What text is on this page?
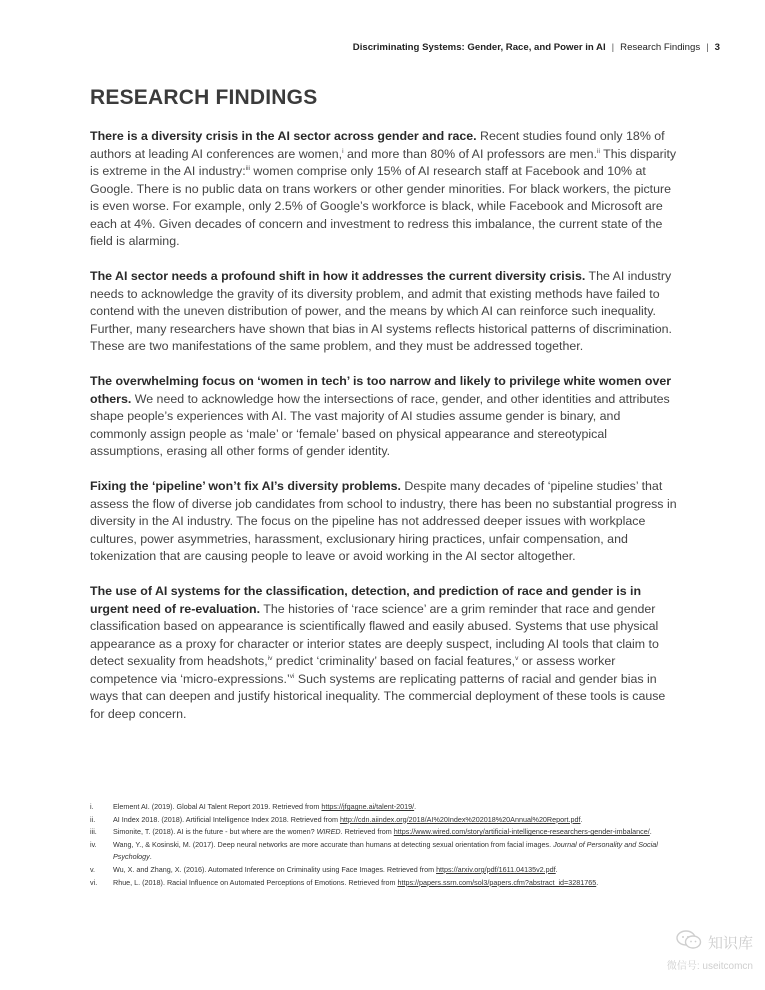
Discriminating Systems: Gender, Race, and Power in AI | Research Findings | 3
RESEARCH FINDINGS

There is a diversity crisis in the AI sector across gender and race. Recent studies found only 18% of authors at leading AI conferences are women,$^i$ and more than 80% of AI professors are men.$^{ii}$ This disparity is extreme in the AI industry:$^{iii}$ women comprise only 15% of AI research staff at Facebook and 10% at Google. There is no public data on trans workers or other gender minorities. For black workers, the picture is even worse. For example, only 2.5% of Google’s workforce is black, while Facebook and Microsoft are each at 4%. Given decades of concern and investment to redress this imbalance, the current state of the field is alarming.

The AI sector needs a profound shift in how it addresses the current diversity crisis. The AI industry needs to acknowledge the gravity of its diversity problem, and admit that existing methods have failed to contend with the uneven distribution of power, and the means by which AI can reinforce such inequality. Further, many researchers have shown that bias in AI systems reflects historical patterns of discrimination. These are two manifestations of the same problem, and they must be addressed together.

The overwhelming focus on ‘women in tech’ is too narrow and likely to privilege white women over others. We need to acknowledge how the intersections of race, gender, and other identities and attributes shape people’s experiences with AI. The vast majority of AI studies assume gender is binary, and commonly assign people as ‘male’ or ‘female’ based on physical appearance and stereotypical assumptions, erasing all other forms of gender identity.

Fixing the ‘pipeline’ won’t fix AI’s diversity problems. Despite many decades of ‘pipeline studies’ that assess the flow of diverse job candidates from school to industry, there has been no substantial progress in diversity in the AI industry. The focus on the pipeline has not addressed deeper issues with workplace cultures, power asymmetries, harassment, exclusionary hiring practices, unfair compensation, and tokenization that are causing people to leave or avoid working in the AI sector altogether.

The use of AI systems for the classification, detection, and prediction of race and gender is in urgent need of re-evaluation. The histories of ‘race science’ are a grim reminder that race and gender classification based on appearance is scientifically flawed and easily abused. Systems that use physical appearance as a proxy for character or interior states are deeply suspect, including AI tools that claim to detect sexuality from headshots,$^{iv}$ predict ‘criminality’ based on facial features,$^v$ or assess worker competence via ‘micro-expressions.’$^{vi}$ Such systems are replicating patterns of racial and gender bias in ways that can deepen and justify historical inequality. The commercial deployment of these tools is cause for deep concern.

i.	Element AI. (2019). Global AI Talent Report 2019. Retrieved from https://jfgagne.ai/talent-2019/.
ii.	AI Index 2018. (2018). Artificial Intelligence Index 2018. Retrieved from http://cdn.aiindex.org/2018/AI%20Index%202018%20Annual%20Report.pdf.
iii.	Simonite, T. (2018). AI is the future - but where are the women? WIRED. Retrieved from https://www.wired.com/story/artificial-intelligence-researchers-gender-imbalance/.
iv.	Wang, Y., & Kosinski, M. (2017). Deep neural networks are more accurate than humans at detecting sexual orientation from facial images. Journal of Personality and Social Psychology.
v.	Wu, X. and Zhang, X. (2016). Automated Inference on Criminality using Face Images. Retrieved from https://arxiv.org/pdf/1611.04135v2.pdf.
vi.	Rhue, L. (2018). Racial Influence on Automated Perceptions of Emotions. Retrieved from https://papers.ssrn.com/sol3/papers.cfm?abstract_id=3281765.
知识库
微信号: useitcomcn
